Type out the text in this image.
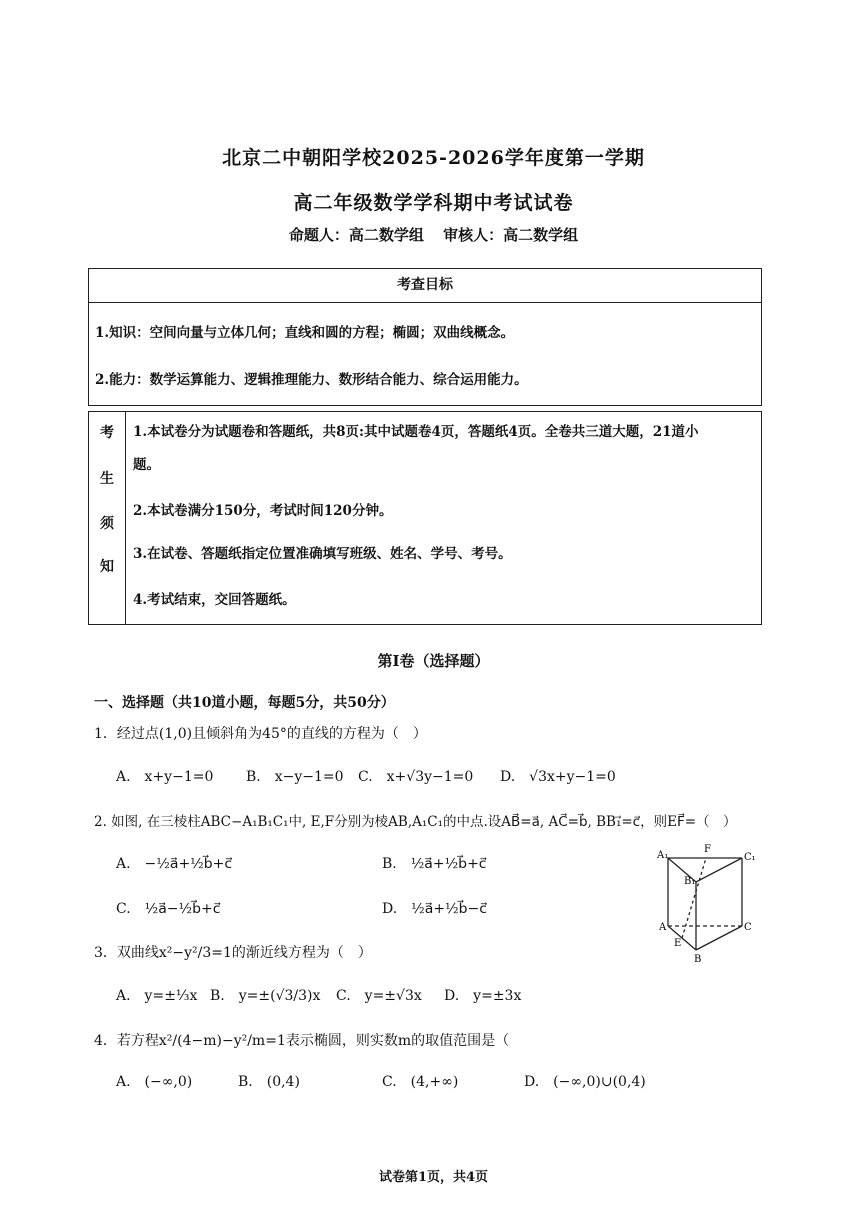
北京二中朝阳学校2025-2026学年度第一学期
高二年级数学学科期中考试试卷
命题人：高二数学组 审核人：高二数学组
考查目标
1.知识：空间向量与立体几何；直线和圆的方程；椭圆；双曲线概念。
2.能力：数学运算能力、逻辑推理能力、数形结合能力、综合运用能力。
考
生
须
知
1.本试卷分为试题卷和答题纸，共8页:其中试题卷4页，答题纸4页。全卷共三道大题，21道小
题。
2.本试卷满分150分，考试时间120分钟。
3.在试卷、答题纸指定位置准确填写班级、姓名、学号、考号。
4.考试结束，交回答题纸。
第Ⅰ卷（选择题）
一、选择题（共10道小题，每题5分，共50分）
1．经过点(1,0)且倾斜角为45°的直线的方程为（　）
A.　x+y−1=0 B.　x−y−1=0 C.　x+√3y−1=0 D.　√3x+y−1=0
2. 如图, 在三棱柱ABC−A₁B₁C₁中, E,F分别为棱AB,A₁C₁的中点.设AB⃗=a⃗, AC⃗=b⃗, BB₁⃗=c⃗，则EF⃗=（　）
A.　−½a⃗+½b⃗+c⃗	B.　½a⃗+½b⃗+c⃗
C.　½a⃗−½b⃗+c⃗	D.　½a⃗+½b⃗−c⃗
A₁
F
C₁
B₁
A
E
C
B
3．双曲线x²−y²/3=1的渐近线方程为（　）
A.　y=±⅓x B.　y=±(√3/3)x C.　y=±√3x D.　y=±3x
4．若方程x²/(4−m)−y²/m=1表示椭圆，则实数m的取值范围是（
A.　(−∞,0)	B.　(0,4)	C.　(4,+∞)	D.　(−∞,0)∪(0,4)
试卷第1页，共4页
